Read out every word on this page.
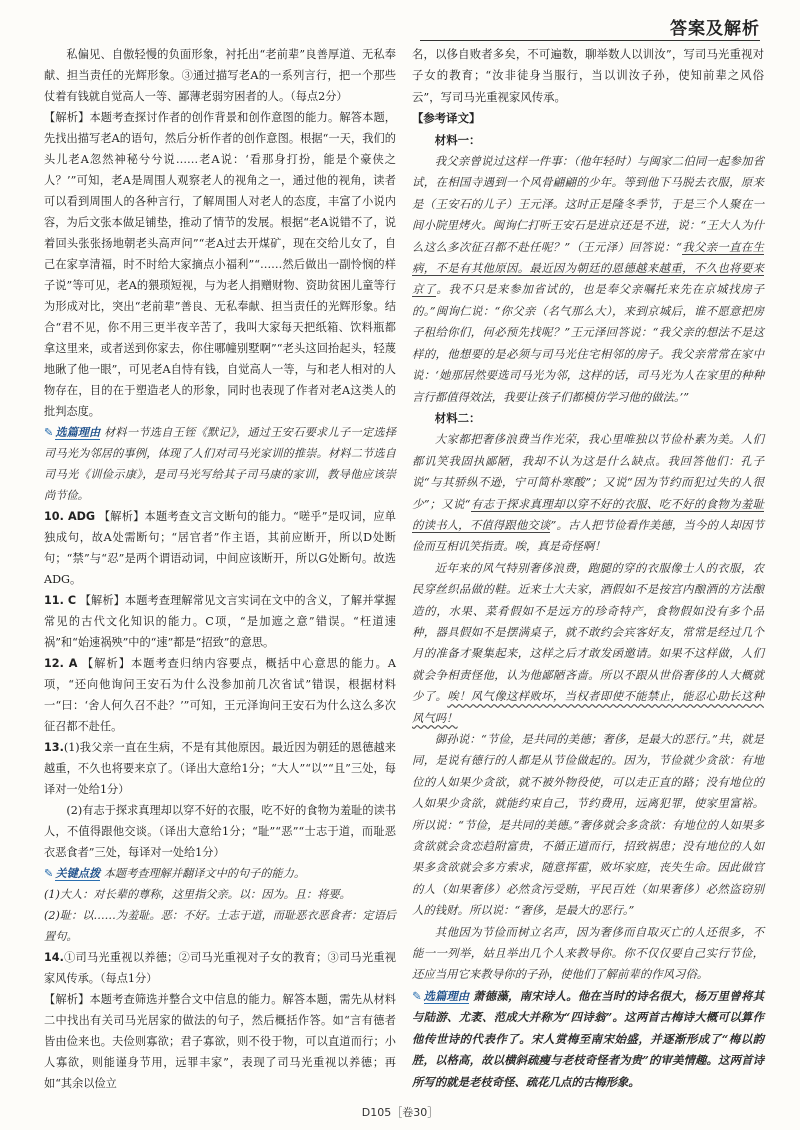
答案及解析

私偏见、自傲轻慢的负面形象，衬托出“老前辈”良善厚道、无私奉献、担当责任的光辉形象。③通过描写老A的一系列言行，把一个那些仗着有钱就自觉高人一等、鄙薄老弱穷困者的人。（每点2分）

【解析】本题考查探讨作者的创作背景和创作意图的能力。解答本题，先找出描写老A的语句，然后分析作者的创作意图。根据“一天，我们的头儿老A忽然神秘兮兮说……老A说：‘看那身打扮，能是个豪侠之人？’”可知，老A是周围人观察老人的视角之一，通过他的视角，读者可以看到周围人的各种言行，了解周围人对老人的态度，丰富了小说内容，为后文张本做足铺垫，推动了情节的发展。根据“老A说错不了，说着回头张张扬地朝老头高声问”“老A过去开煤矿，现在交给儿女了，自己在家享清福，时不时给大家摘点小福利”“……然后做出一副怜悯的样子说”等可见，老A的猥琐短视，与为老人捐赠财物、资助贫困儿童等行为形成对比，突出“老前辈”善良、无私奉献、担当责任的光辉形象。结合“君不见，你不用三更半夜辛苦了，我叫大家每天把纸箱、饮料瓶都拿这里来，或者送到你家去，你住哪幢别墅啊”“老头这回抬起头，轻蔑地瞅了他一眼”，可见老A自恃有钱，自觉高人一等，与和老人相对的人物存在，目的在于塑造老人的形象，同时也表现了作者对老A这类人的批判态度。

✎ 选篇理由 材料一节选自王铚《默记》，通过王安石要求儿子一定选择司马光为邻居的事例，体现了人们对司马光家训的推崇。材料二节选自司马光《训俭示康》，是司马光写给其子司马康的家训，教导他应该崇尚节俭。

10. ADG 【解析】本题考查文言文断句的能力。“嗟乎”是叹词，应单独成句，故A处需断句；“居官者”作主语，其前应断开，所以D处断句；“禁”与“忍”是两个谓语动词，中间应该断开，所以G处断句。故选ADG。

11. C 【解析】本题考查理解常见文言实词在文中的含义，了解并掌握常见的古代文化知识的能力。C项，“是加遮之意”错误。“枉道速祸”和“始速祸殃”中的“速”都是“招致”的意思。

12. A 【解析】本题考查归纳内容要点，概括中心意思的能力。A项，“还向他询问王安石为什么没参加前几次省试”错误，根据材料一“曰：‘舍人何久召不赴？’”可知，王元泽询问王安石为什么这么多次征召都不赴任。

13.(1)我父亲一直在生病，不是有其他原因。最近因为朝廷的恩德越来越重，不久也将要来京了。（译出大意给1分；“大人”“以”“且”三处，每译对一处给1分）

(2)有志于探求真理却以穿不好的衣服，吃不好的食物为羞耻的读书人，不值得跟他交谈。（译出大意给1分；“耻”“恶”“士志于道，而耻恶衣恶食者”三处，每译对一处给1分）

✎ 关键点拨 本题考查理解并翻译文中的句子的能力。

(1)大人：对长辈的尊称，这里指父亲。以：因为。且：将要。

(2)耻：以……为羞耻。恶：不好。士志于道，而耻恶衣恶食者：定语后置句。

14.①司马光重视以养德；②司马光重视对子女的教育；③司马光重视家风传承。（每点1分）

【解析】本题考查筛选并整合文中信息的能力。解答本题，需先从材料二中找出有关司马光居家的做法的句子，然后概括作答。如“言有德者皆由俭来也。夫俭则寡欲；君子寡欲，则不役于物，可以直道而行；小人寡欲，则能谨身节用，远罪丰家”，表现了司马光重视以养德；再如“其余以俭立

名，以侈自败者多矣，不可遍数，聊举数人以训汝”，写司马光重视对子女的教育；“汝非徒身当服行，当以训汝子孙，使知前辈之风俗云”，写司马光重视家风传承。

【参考译文】

材料一：

我父亲曾说过这样一件事：（他年轻时）与闽家二伯同一起参加省试，在相国寺遇到一个风骨翩翩的少年。等到他下马脱去衣服，原来是（王安石的儿子）王元泽。这时正是隆冬季节，于是三个人聚在一间小院里烤火。闽询仁打听王安石是进京还是不进，说：“王大人为什么这么多次征召都不赴任呢？”（王元泽）回答说：“我父亲一直在生病，不是有其他原因。最近因为朝廷的恩德越来越重，不久也将要来京了。我不只是来参加省试的，也是奉父亲嘱托来先在京城找房子的。”闽询仁说：“你父亲（名气那么大），来到京城后，谁不愿意把房子租给你们，何必预先找呢？”王元泽回答说：“我父亲的想法不是这样的，他想要的是必须与司马光住宅相邻的房子。我父亲常常在家中说：‘她那居然要选司马光为邻，这样的话，司马光为人在家里的种种言行都值得效法，我要让孩子们都模仿学习他的做法。’”

材料二：

大家都把奢侈浪费当作光荣，我心里唯独以节俭朴素为美。人们都讥笑我固执鄙陋，我却不认为这是什么缺点。我回答他们：孔子说“与其骄纵不逊，宁可简朴寒酸”；又说“因为节约而犯过失的人很少”；又说“有志于探求真理却以穿不好的衣服、吃不好的食物为羞耻的读书人，不值得跟他交谈”。古人把节俭看作美德，当今的人却因节俭而互相讥笑指责。唉，真是奇怪啊！

近年来的风气特别奢侈浪费，跑腿的穿的衣服像士人的衣服，农民穿丝织品做的鞋。近来士大夫家，酒假如不是按宫内酿酒的方法酿造的，水果、菜肴假如不是远方的珍奇特产，食物假如没有多个品种，器具假如不是摆满桌子，就不敢约会宾客好友，常常是经过几个月的准备才聚集起来，这样之后才敢发函邀请。如果不这样做，人们就会争相责怪他，认为他鄙陋吝啬。所以不跟从世俗奢侈的人大概就少了。唉！风气像这样败坏，当权者即使不能禁止，能忍心助长这种风气吗！

御孙说：“节俭，是共同的美德；奢侈，是最大的恶行。”共，就是同，是说有德行的人都是从节俭做起的。因为，节俭就少贪欲：有地位的人如果少贪欲，就不被外物役使，可以走正直的路；没有地位的人如果少贪欲，就能约束自己，节约费用，远离犯罪，使家里富裕。所以说：“节俭，是共同的美德。”奢侈就会多贪欲：有地位的人如果多贪欲就会贪恋趋附富贵，不循正道而行，招致祸患；没有地位的人如果多贪欲就会多方索求，随意挥霍，败坏家庭，丧失生命。因此做官的人（如果奢侈）必然贪污受贿，平民百姓（如果奢侈）必然盗窃别人的钱财。所以说：“奢侈，是最大的恶行。”

其他因为节俭而树立名声，因为奢侈而自取灭亡的人还很多，不能一一列举，姑且举出几个人来教导你。你不仅仅要自己实行节俭，还应当用它来教导你的子孙，使他们了解前辈的作风习俗。

✎ 选篇理由 萧德藻，南宋诗人。他在当时的诗名很大，杨万里曾将其与陆游、尤袤、范成大并称为“四诗翁”。这两首古梅诗大概可以算作他传世诗的代表作了。宋人赏梅至南宋始盛，并逐渐形成了“梅以韵胜，以格高，故以横斜疏瘦与老枝奇怪者为贵”的审美情趣。这两首诗所写的就是老枝奇怪、疏花几点的古梅形象。

D105［卷30］
